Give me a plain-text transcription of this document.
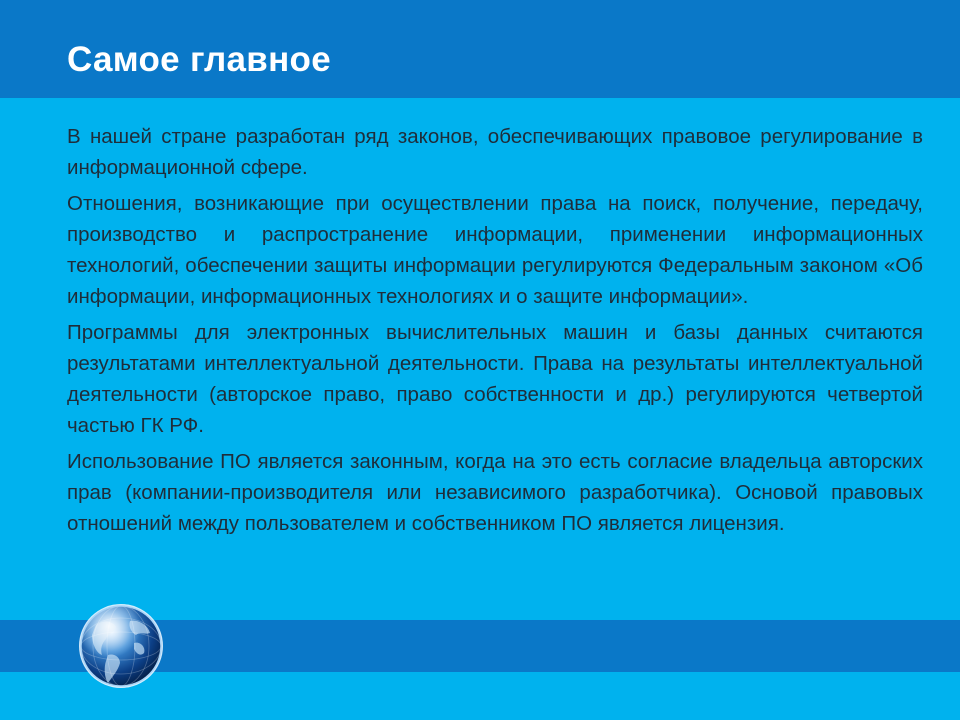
Самое главное

В нашей стране разработан ряд законов, обеспечивающих правовое регулирование в информационной сфере.

Отношения, возникающие при осуществлении права на поиск, получение, передачу, производство и распространение информации, применении информационных технологий, обеспечении защиты информации регулируются Федеральным законом «Об информации, информационных технологиях и о защите информации».

Программы для электронных вычислительных машин и базы данных считаются результатами интеллектуальной деятельности. Права на результаты интеллектуальной деятельности (авторское право, право собственности и др.) регулируются четвертой частью ГК РФ.

Использование ПО является законным, когда на это есть согласие владельца авторских прав (компании-производителя или независимого разработчика). Основой правовых отношений между пользователем и собственником ПО является лицензия.
